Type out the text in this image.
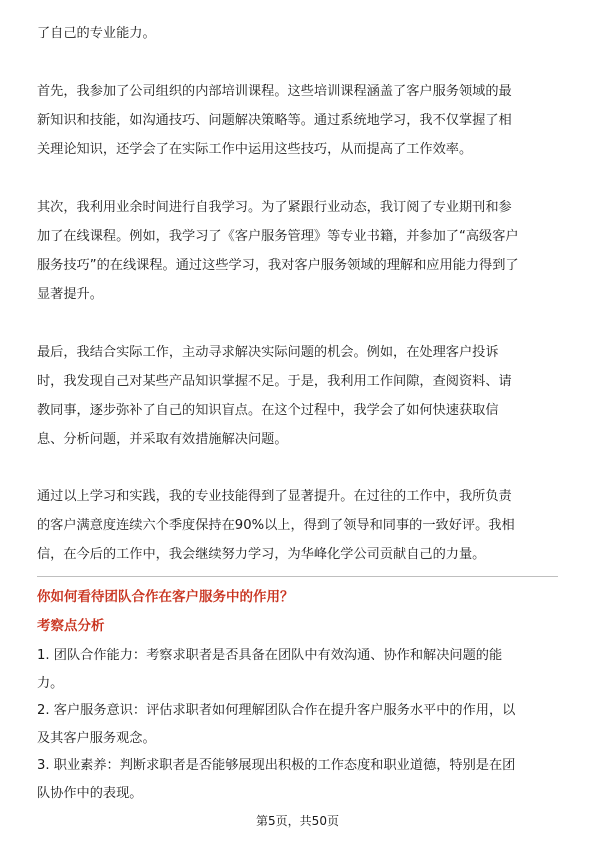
了自己的专业能力。
首先，我参加了公司组织的内部培训课程。这些培训课程涵盖了客户服务领域的最
新知识和技能，如沟通技巧、问题解决策略等。通过系统地学习，我不仅掌握了相
关理论知识，还学会了在实际工作中运用这些技巧，从而提高了工作效率。
其次，我利用业余时间进行自我学习。为了紧跟行业动态，我订阅了专业期刊和参
加了在线课程。例如，我学习了《客户服务管理》等专业书籍，并参加了“高级客户
服务技巧”的在线课程。通过这些学习，我对客户服务领域的理解和应用能力得到了
显著提升。
最后，我结合实际工作，主动寻求解决实际问题的机会。例如，在处理客户投诉
时，我发现自己对某些产品知识掌握不足。于是，我利用工作间隙，查阅资料、请
教同事，逐步弥补了自己的知识盲点。在这个过程中，我学会了如何快速获取信
息、分析问题，并采取有效措施解决问题。
通过以上学习和实践，我的专业技能得到了显著提升。在过往的工作中，我所负责
的客户满意度连续六个季度保持在90%以上，得到了领导和同事的一致好评。我相
信，在今后的工作中，我会继续努力学习，为华峰化学公司贡献自己的力量。
你如何看待团队合作在客户服务中的作用？
考察点分析
1. 团队合作能力：考察求职者是否具备在团队中有效沟通、协作和解决问题的能
力。
2. 客户服务意识：评估求职者如何理解团队合作在提升客户服务水平中的作用，以
及其客户服务观念。
3. 职业素养：判断求职者是否能够展现出积极的工作态度和职业道德，特别是在团
队协作中的表现。
第5页，共50页
